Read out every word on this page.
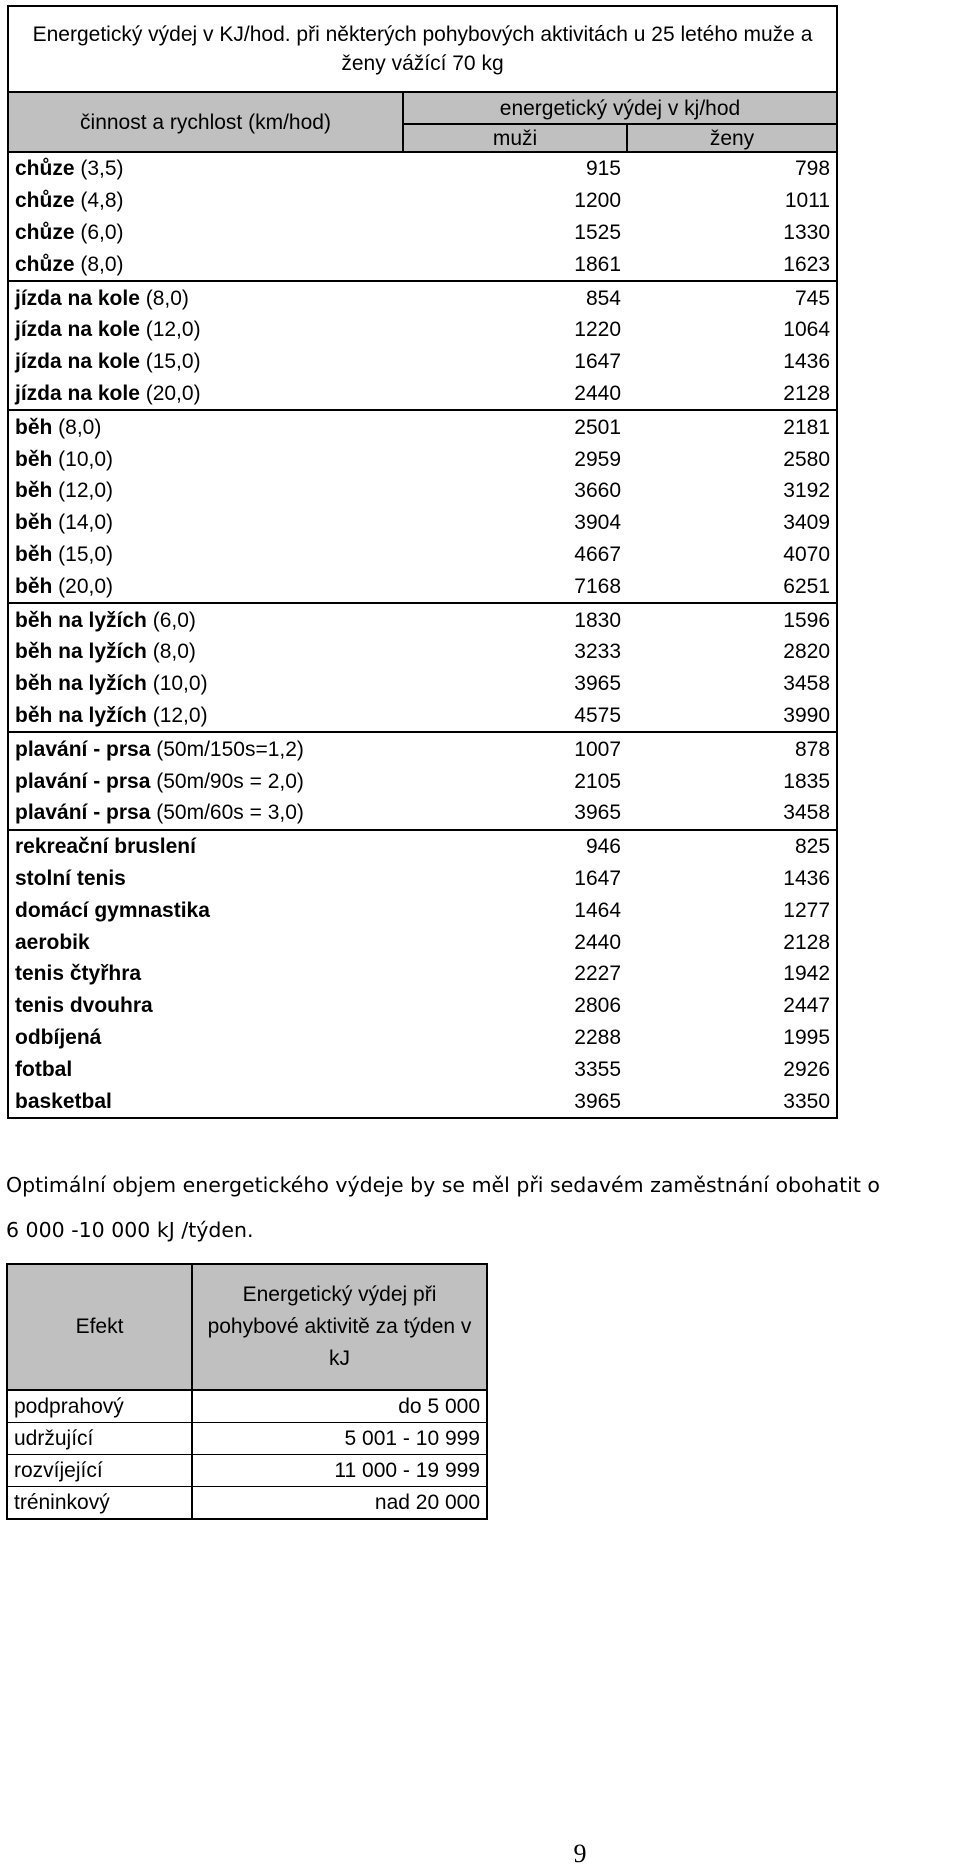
Energetický výdej v KJ/hod. při některých pohybových aktivitách u 25 letého muže a ženy vážící 70 kg		
činnost a rychlost (km/hod)	energetický výdej v kj/hod	
	muži	ženy
chůze (3,5)	915	798
chůze (4,8)	1200	1011
chůze (6,0)	1525	1330
chůze (8,0)	1861	1623
jízda na kole (8,0)	854	745
jízda na kole (12,0)	1220	1064
jízda na kole (15,0)	1647	1436
jízda na kole (20,0)	2440	2128
běh (8,0)	2501	2181
běh (10,0)	2959	2580
běh (12,0)	3660	3192
běh (14,0)	3904	3409
běh (15,0)	4667	4070
běh (20,0)	7168	6251
běh na lyžích (6,0)	1830	1596
běh na lyžích (8,0)	3233	2820
běh na lyžích (10,0)	3965	3458
běh na lyžích (12,0)	4575	3990
plavání - prsa (50m/150s=1,2)	1007	878
plavání - prsa (50m/90s = 2,0)	2105	1835
plavání - prsa (50m/60s = 3,0)	3965	3458
rekreační bruslení	946	825
stolní tenis	1647	1436
domácí gymnastika	1464	1277
aerobik	2440	2128
tenis čtyřhra	2227	1942
tenis dvouhra	2806	2447
odbíjená	2288	1995
fotbal	3355	2926
basketbal	3965	3350
Optimální objem energetického výdeje by se měl při sedavém zaměstnání obohatit o
6 000 -10 000 kJ /týden.
Efekt	Energetický výdej při pohybové aktivitě za týden v kJ
podprahový	do 5 000
udržující	5 001 - 10 999
rozvíjející	11 000 - 19 999
tréninkový	nad 20 000
9
